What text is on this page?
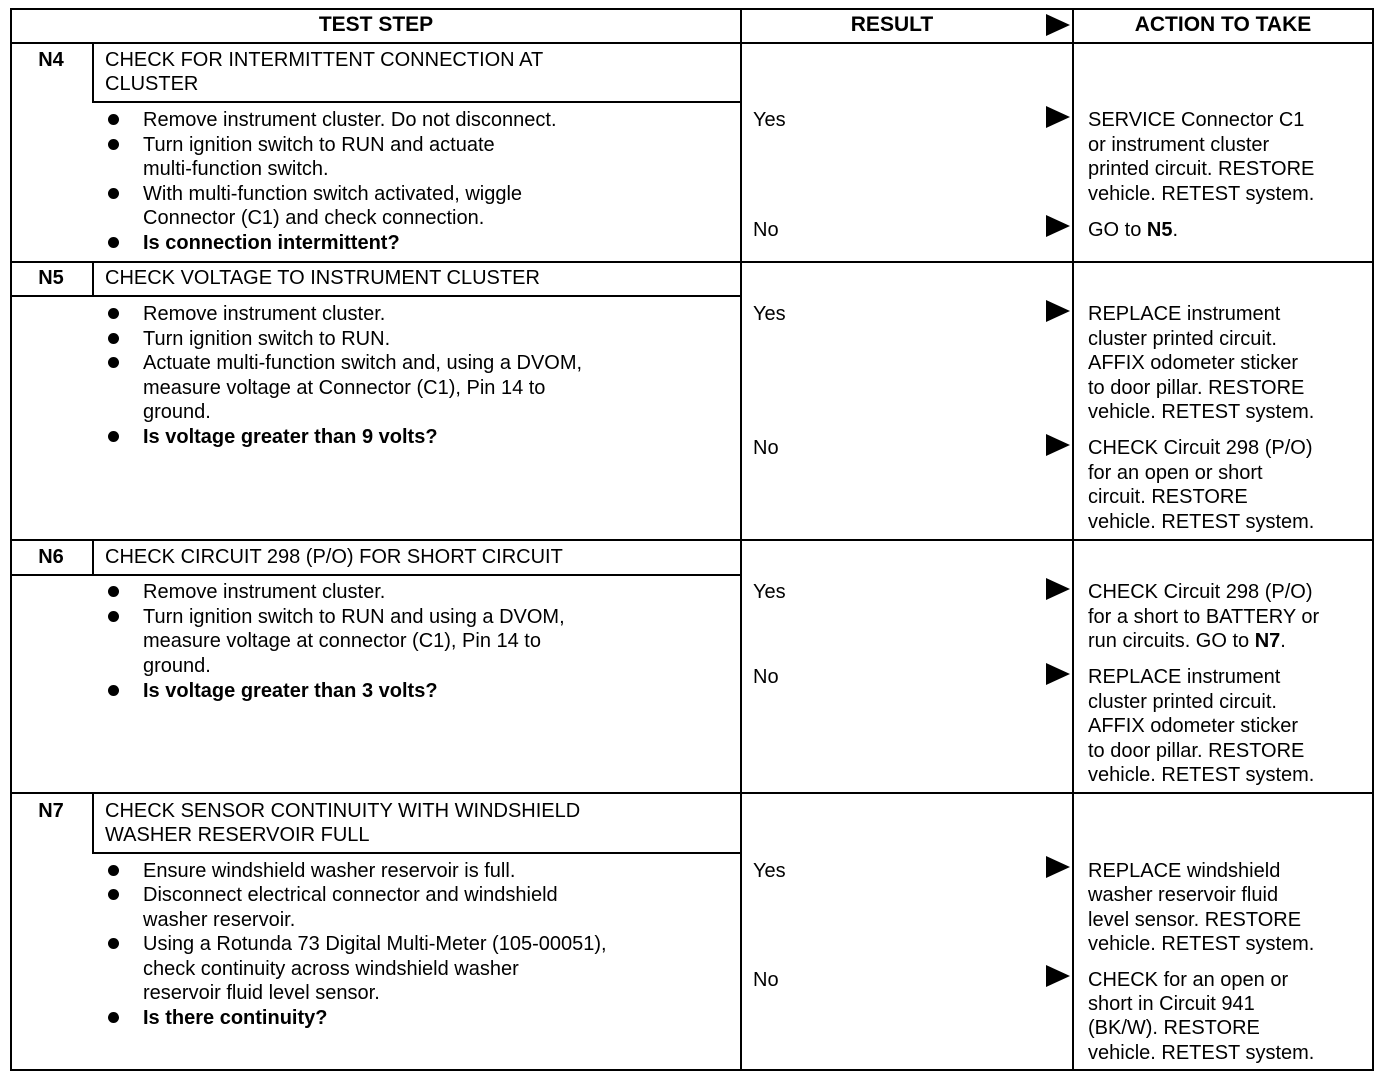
TEST STEP	RESULT	ACTION TO TAKE
N4	CHECK FOR INTERMITTENT CONNECTION AT
CLUSTER
Remove instrument cluster. Do not disconnect.
Turn ignition switch to RUN and actuate
multi-function switch.
With multi-function switch activated, wiggle
Connector (C1) and check connection.
Is connection intermittent?
Yes	SERVICE Connector C1
or instrument cluster
printed circuit. RESTORE
vehicle. RETEST system.
No	GO to N5.
N5	CHECK VOLTAGE TO INSTRUMENT CLUSTER
Remove instrument cluster.
Turn ignition switch to RUN.
Actuate multi-function switch and, using a DVOM,
measure voltage at Connector (C1), Pin 14 to
ground.
Is voltage greater than 9 volts?
Yes	REPLACE instrument
cluster printed circuit.
AFFIX odometer sticker
to door pillar. RESTORE
vehicle. RETEST system.
No	CHECK Circuit 298 (P/O)
for an open or short
circuit. RESTORE
vehicle. RETEST system.
N6	CHECK CIRCUIT 298 (P/O) FOR SHORT CIRCUIT
Remove instrument cluster.
Turn ignition switch to RUN and using a DVOM,
measure voltage at connector (C1), Pin 14 to
ground.
Is voltage greater than 3 volts?
Yes	CHECK Circuit 298 (P/O)
for a short to BATTERY or
run circuits. GO to N7.
No	REPLACE instrument
cluster printed circuit.
AFFIX odometer sticker
to door pillar. RESTORE
vehicle. RETEST system.
N7	CHECK SENSOR CONTINUITY WITH WINDSHIELD
WASHER RESERVOIR FULL
Ensure windshield washer reservoir is full.
Disconnect electrical connector and windshield
washer reservoir.
Using a Rotunda 73 Digital Multi-Meter (105-00051),
check continuity across windshield washer
reservoir fluid level sensor.
Is there continuity?
Yes	REPLACE windshield
washer reservoir fluid
level sensor. RESTORE
vehicle. RETEST system.
No	CHECK for an open or
short in Circuit 941
(BK/W). RESTORE
vehicle. RETEST system.
